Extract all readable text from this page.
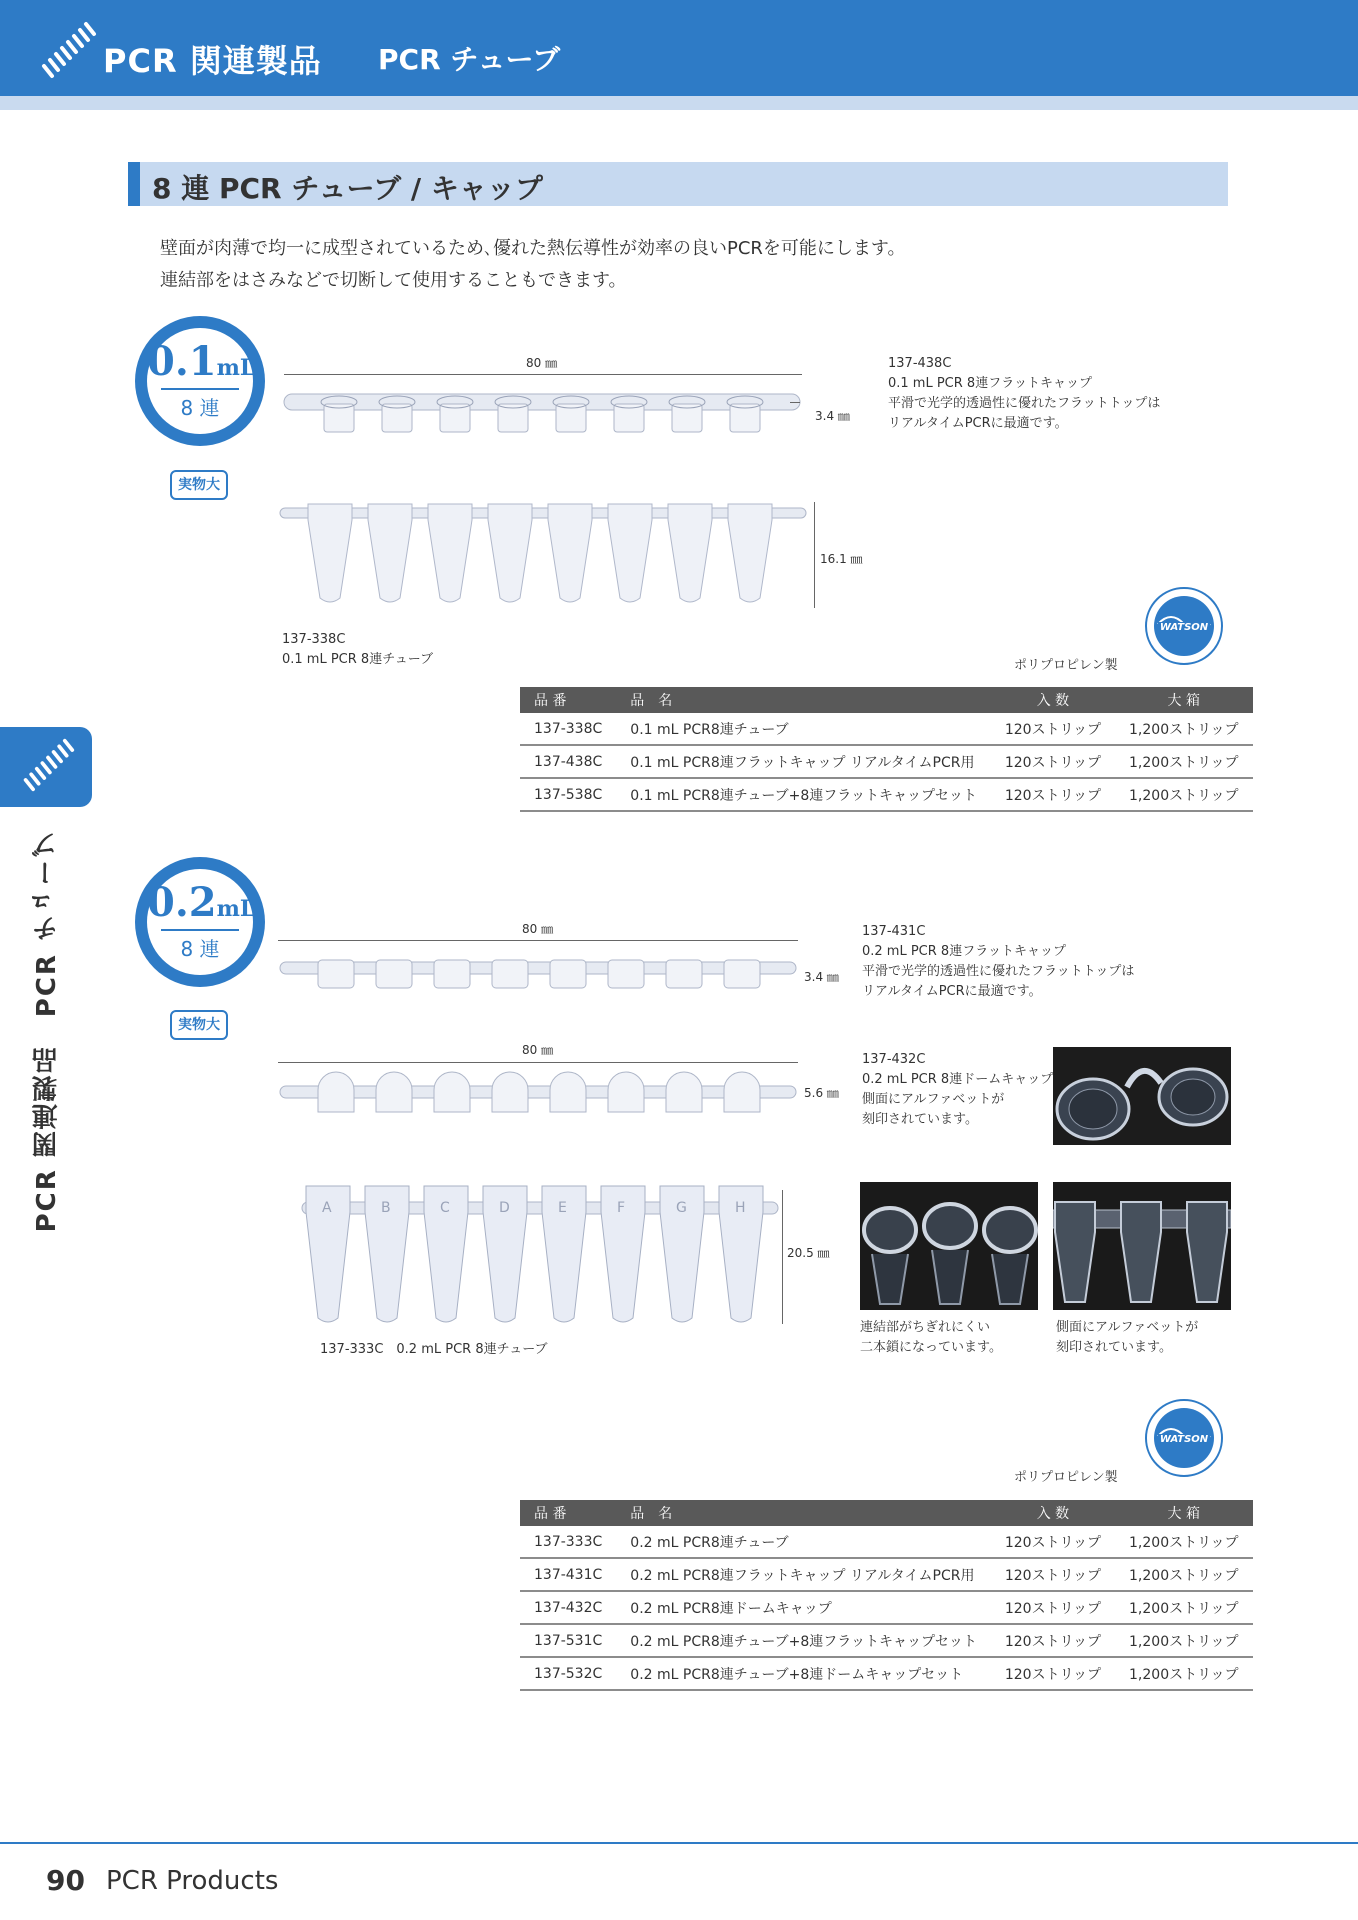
PCR 関連製品 PCR チューブ
8 連 PCR チューブ / キャップ
壁面が肉薄で均一に成型されているため､優れた熱伝導性が効率の良いPCRを可能にします。
連結部をはさみなどで切断して使用することもできます。
PCR 関連製品　PCR チューブ
0.1mL
8 連
実物大
80 ㎜
3.4 ㎜
137-438C
0.1 mL PCR 8連フラットキャップ
平滑で光学的透過性に優れたフラットトップは
リアルタイムPCRに最適です。
16.1 ㎜
137-338C
0.1 mL PCR 8連チューブ
WATSON
ポリプロピレン製
品 番	品　名	入 数	大 箱
137-338C	0.1 mL PCR8連チューブ	120ストリップ	1,200ストリップ
137-438C	0.1 mL PCR8連フラットキャップ リアルタイムPCR用	120ストリップ	1,200ストリップ
137-538C	0.1 mL PCR8連チューブ+8連フラットキャップセット	120ストリップ	1,200ストリップ
0.2mL
8 連
実物大
80 ㎜
3.4 ㎜
137-431C
0.2 mL PCR 8連フラットキャップ
平滑で光学的透過性に優れたフラットトップは
リアルタイムPCRに最適です。
80 ㎜
5.6 ㎜
137-432C
0.2 mL PCR 8連ドームキャップ
側面にアルファベットが
刻印されています。
A	B	C	D	E	F	G	H
20.5 ㎜
137-333C　0.2 mL PCR 8連チューブ
連結部がちぎれにくい
二本鎖になっています。
側面にアルファベットが
刻印されています。
WATSON
ポリプロピレン製
品 番	品　名	入 数	大 箱
137-333C	0.2 mL PCR8連チューブ	120ストリップ	1,200ストリップ
137-431C	0.2 mL PCR8連フラットキャップ リアルタイムPCR用	120ストリップ	1,200ストリップ
137-432C	0.2 mL PCR8連ドームキャップ	120ストリップ	1,200ストリップ
137-531C	0.2 mL PCR8連チューブ+8連フラットキャップセット	120ストリップ	1,200ストリップ
137-532C	0.2 mL PCR8連チューブ+8連ドームキャップセット	120ストリップ	1,200ストリップ
90 PCR Products
